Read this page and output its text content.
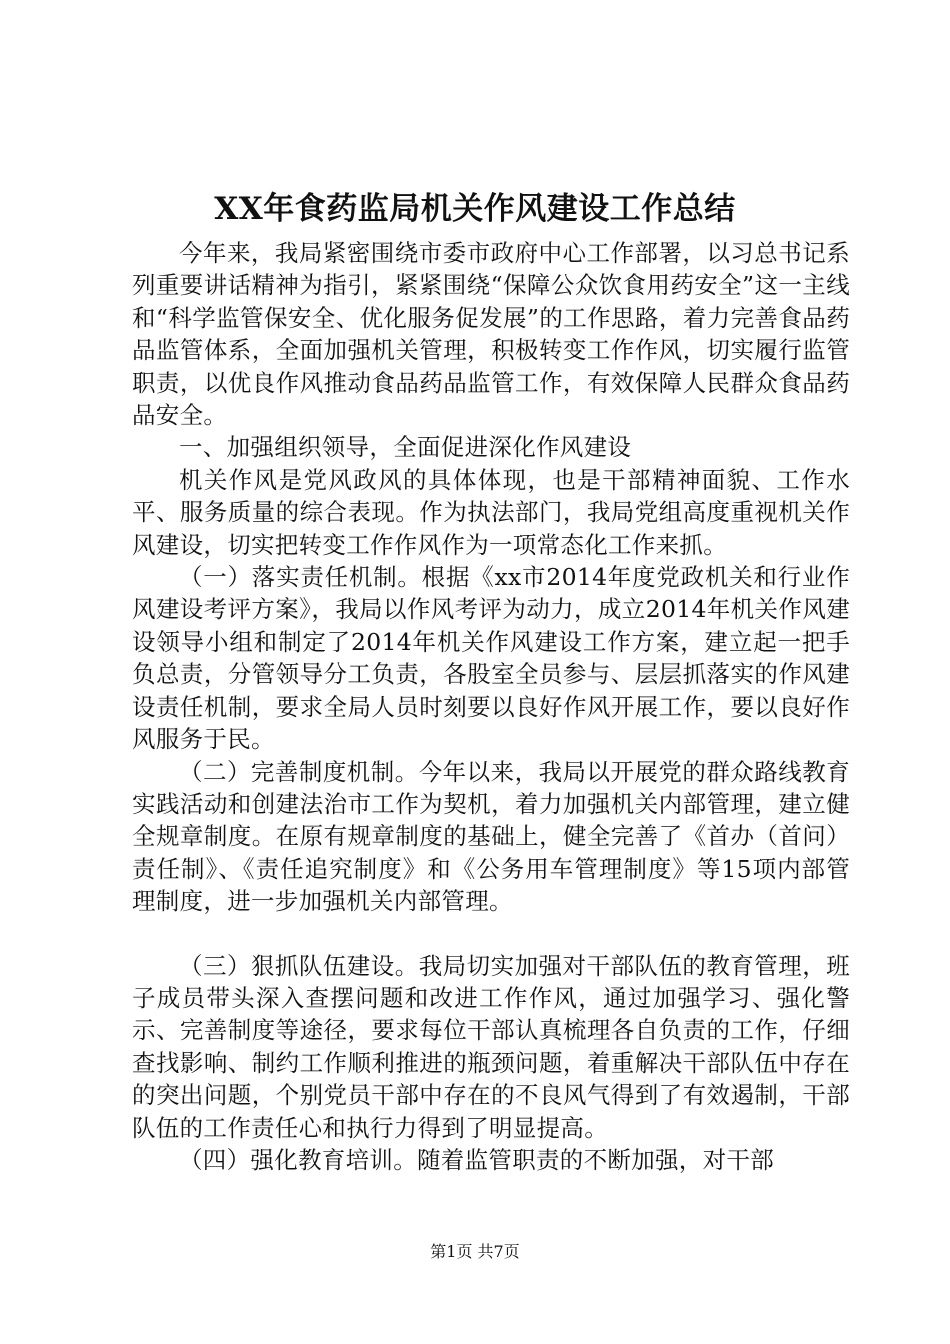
XX年食药监局机关作风建设工作总结

今年来，我局紧密围绕市委市政府中心工作部署，以习总书记系列重要讲话精神为指引，紧紧围绕“保障公众饮食用药安全”这一主线和“科学监管保安全、优化服务促发展”的工作思路，着力完善食品药品监管体系，全面加强机关管理，积极转变工作作风，切实履行监管职责，以优良作风推动食品药品监管工作，有效保障人民群众食品药品安全。

一、加强组织领导，全面促进深化作风建设

机关作风是党风政风的具体体现，也是干部精神面貌、工作水平、服务质量的综合表现。作为执法部门，我局党组高度重视机关作风建设，切实把转变工作作风作为一项常态化工作来抓。

（一）落实责任机制。根据《xx市2014年度党政机关和行业作风建设考评方案》，我局以作风考评为动力，成立2014年机关作风建设领导小组和制定了2014年机关作风建设工作方案，建立起一把手负总责，分管领导分工负责，各股室全员参与、层层抓落实的作风建设责任机制，要求全局人员时刻要以良好作风开展工作，要以良好作风服务于民。

（二）完善制度机制。今年以来，我局以开展党的群众路线教育实践活动和创建法治市工作为契机，着力加强机关内部管理，建立健全规章制度。在原有规章制度的基础上，健全完善了《首办（首问）责任制》、《责任追究制度》和《公务用车管理制度》等15项内部管理制度，进一步加强机关内部管理。

（三）狠抓队伍建设。我局切实加强对干部队伍的教育管理，班子成员带头深入查摆问题和改进工作作风，通过加强学习、强化警示、完善制度等途径，要求每位干部认真梳理各自负责的工作，仔细查找影响、制约工作顺利推进的瓶颈问题，着重解决干部队伍中存在的突出问题，个别党员干部中存在的不良风气得到了有效遏制，干部队伍的工作责任心和执行力得到了明显提高。

（四）强化教育培训。随着监管职责的不断加强，对干部

第1页 共7页
